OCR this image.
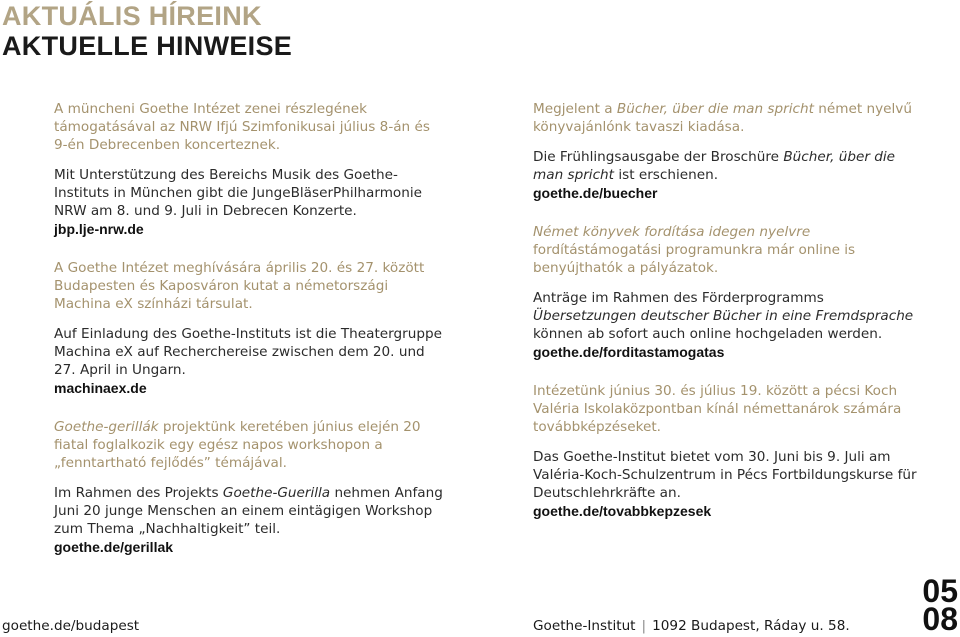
AKTUÁLIS HÍREINK
AKTUELLE HINWEISE

A müncheni Goethe Intézet zenei részlegének támogatásával az NRW Ifjú Szimfonikusai július 8-án és 9-én Debrecenben koncerteznek.

Mit Unterstützung des Bereichs Musik des Goethe-Instituts in München gibt die JungeBläserPhilharmonie NRW am 8. und 9. Juli in Debrecen Konzerte.

jbp.lje-nrw.de

A Goethe Intézet meghívására április 20. és 27. között Budapesten és Kaposváron kutat a németországi Machina eX színházi társulat.

Auf Einladung des Goethe-Instituts ist die Theatergruppe Machina eX auf Recherchereise zwischen dem 20. und 27. April in Ungarn.

machinaex.de

Goethe-gerillák projektünk keretében június elején 20 fiatal foglalkozik egy egész napos workshopon a „fenntartható fejlődés” témájával.

Im Rahmen des Projekts Goethe-Guerilla nehmen Anfang Juni 20 junge Menschen an einem eintägigen Workshop zum Thema „Nachhaltigkeit” teil.

goethe.de/gerillak

Megjelent a Bücher, über die man spricht német nyelvű könyvajánlónk tavaszi kiadása.

Die Frühlingsausgabe der Broschüre Bücher, über die man spricht ist erschienen.

goethe.de/buecher

Német könyvek fordítása idegen nyelvre fordítástámogatási programunkra már online is benyújthatók a pályázatok.

Anträge im Rahmen des Förderprogramms Übersetzungen deutscher Bücher in eine Fremdsprache können ab sofort auch online hochgeladen werden.

goethe.de/forditastamogatas

Intézetünk június 30. és július 19. között a pécsi Koch Valéria Iskolaközpontban kínál némettanárok számára továbbképzéseket.

Das Goethe-Institut bietet vom 30. Juni bis 9. Juli am Valéria-Koch-Schulzentrum in Pécs Fortbildungskurse für Deutschlehrkräfte an.

goethe.de/tovabbkepzesek

goethe.de/budapest	Goethe-Institut | 1092 Budapest, Ráday u. 58.

05

08
